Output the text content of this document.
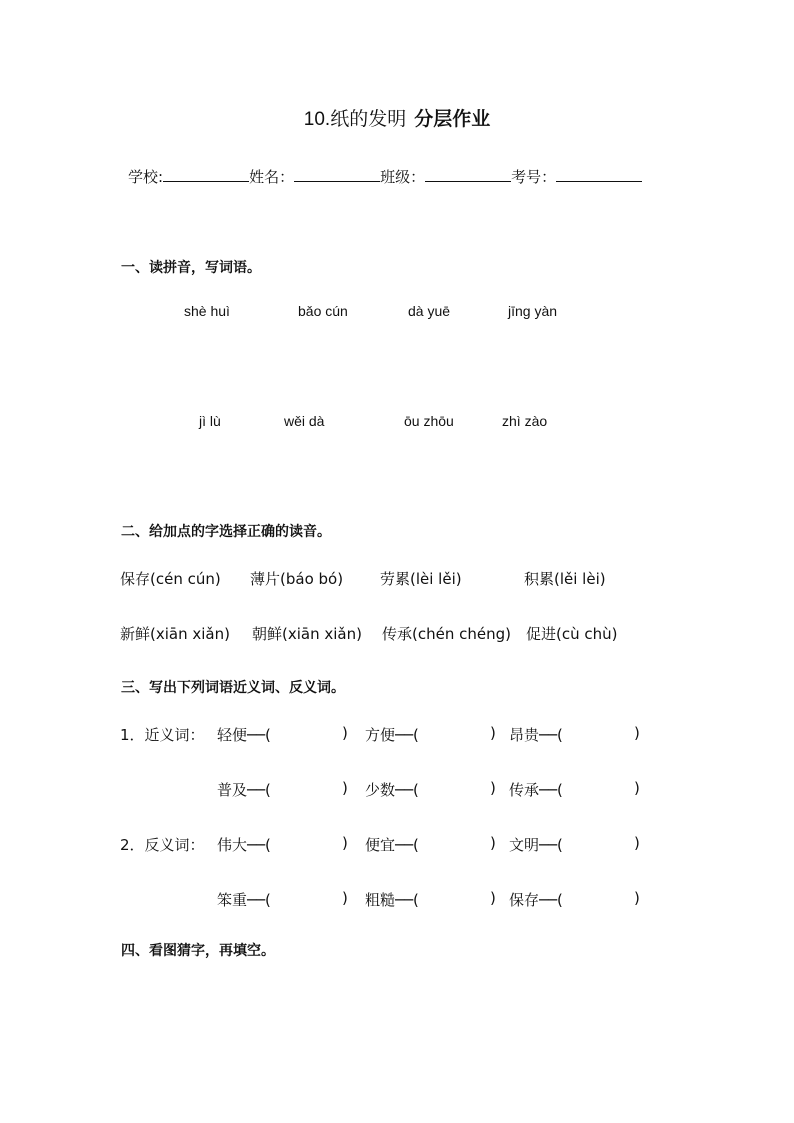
10.纸的发明 分层作业
学校:	姓名：	班级：	考号：
一、读拼音，写词语。
shè huì	bǎo cún	dà yuē	jīng yàn
jì lù	wěi dà	ōu zhōu	zhì zào
二、给加点的字选择正确的读音。
保存(cén cún) 薄片(báo bó) 劳累(lèi lěi)	积累(lěi lèi)
新鲜(xiān xiǎn) 朝鲜(xiān xiǎn) 传承(chén chéng) 促进(cù chù)
三、写出下列词语近义词、反义词。
1．近义词： 轻便──(	) 方便──(	) 昂贵──(	)
普及──(	) 少数──(	) 传承──(	)
2．反义词： 伟大──(	) 便宜──(	) 文明──(	)
笨重──(	) 粗糙──(	) 保存──(	)
四、看图猜字，再填空。
